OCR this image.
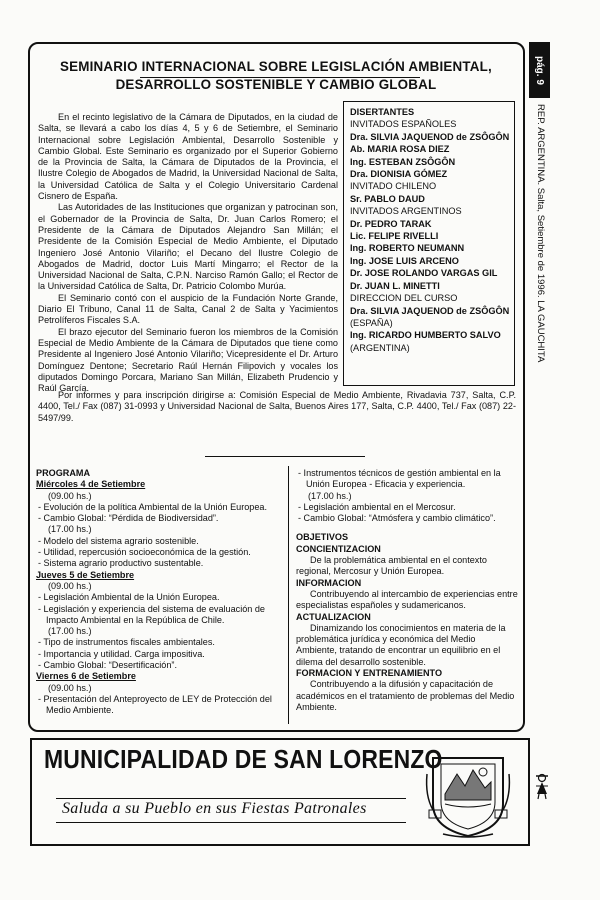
pág. 9
REP. ARGENTINA. Salta, Setiembre de 1996. LA GAUCHITA
SEMINARIO INTERNACIONAL SOBRE LEGISLACIÓN AMBIENTAL,
DESARROLLO SOSTENIBLE Y CAMBIO GLOBAL

En el recinto legislativo de la Cámara de Diputados, en la ciudad de Salta, se llevará a cabo los días 4, 5 y 6 de Setiembre, el Seminario Internacional sobre Legislación Ambiental, Desarrollo Sostenible y Cambio Global. Este Seminario es organizado por el Superior Gobierno de la Provincia de Salta, la Cámara de Diputados de la Provincia, el Ilustre Colegio de Abogados de Madrid, la Universidad Nacional de Salta, la Universidad Católica de Salta y el Colegio Universitario Cardenal Cisnero de España.

Las Autoridades de las Instituciones que organizan y patrocinan son, el Gobernador de la Provincia de Salta, Dr. Juan Carlos Romero; el Presidente de la Cámara de Diputados Alejandro San Millán; el Presidente de la Comisión Especial de Medio Ambiente, el Diputado Ingeniero José Antonio Vilariño; el Decano del Ilustre Colegio de Abogados de Madrid, doctor Luis Martí Mingarro; el Rector de la Universidad Nacional de Salta, C.P.N. Narciso Ramón Gallo; el Rector de la Universidad Católica de Salta, Dr. Patricio Colombo Murúa.

El Seminario contó con el auspicio de la Fundación Norte Grande, Diario El Tribuno, Canal 11 de Salta, Canal 2 de Salta y Yacimientos Petrolíferos Fiscales S.A.

El brazo ejecutor del Seminario fueron los miembros de la Comisión Especial de Medio Ambiente de la Cámara de Diputados que tiene como Presidente al Ingeniero José Antonio Vilariño; Vicepresidente el Dr. Arturo Domínguez Dentone; Secretario Raúl Hernán Filipovich y vocales los diputados Domingo Porcara, Mariano San Millán, Elizabeth Prudencio y Raúl García.

DISERTANTES
INVITADOS ESPAÑOLES
Dra. SILVIA JAQUENOD de ZSÔGÔN
Ab. MARIA ROSA DIEZ
Ing. ESTEBAN ZSÔGÔN
Dra. DIONISIA GÓMEZ
INVITADO CHILENO
Sr. PABLO DAUD
INVITADOS ARGENTINOS
Dr. PEDRO TARAK
Lic. FELIPE RIVELLI
Ing. ROBERTO NEUMANN
Ing. JOSE LUIS ARCENO
Dr. JOSE ROLANDO VARGAS GIL
Dr. JUAN L. MINETTI
DIRECCION DEL CURSO
Dra. SILVIA JAQUENOD de ZSÔGÔN
(ESPAÑA)
Ing. RICARDO HUMBERTO SALVO
(ARGENTINA)
Por informes y para inscripción dirigirse a: Comisión Especial de Medio Ambiente, Rivadavia 737, Salta, C.P. 4400, Tel./ Fax (087) 31-0993 y Universidad Nacional de Salta, Buenos Aires 177, Salta, C.P. 4400, Tel./ Fax (087) 22-5497/99.
PROGRAMA
Miércoles 4 de Setiembre
(09.00 hs.)
- Evolución de la política Ambiental de la Unión Europea.
- Cambio Global: “Pérdida de Biodiversidad”.
(17.00 hs.)
- Modelo del sistema agrario sostenible.
- Utilidad, repercusión socioeconómica de la gestión.
- Sistema agrario productivo sustentable.
Jueves 5 de Setiembre
(09.00 hs.)
- Legislación Ambiental de la Unión Europea.
- Legislación y experiencia del sistema de evaluación de Impacto Ambiental en la República de Chile.
(17.00 hs.)
- Tipo de instrumentos fiscales ambientales.
- Importancia y utilidad. Carga impositiva.
- Cambio Global: “Desertificación”.
Viernes 6 de Setiembre
(09.00 hs.)
- Presentación del Anteproyecto de LEY de Protección del Medio Ambiente.
- Instrumentos técnicos de gestión ambiental en la Unión Europea - Eficacia y experiencia.
(17.00 hs.)
- Legislación ambiental en el Mercosur.
- Cambio Global: “Atmósfera y cambio climático”.
OBJETIVOS
CONCIENTIZACION
De la problemática ambiental en el contexto regional, Mercosur y Unión Europea.
INFORMACION
Contribuyendo al intercambio de experiencias entre especialistas españoles y sudamericanos.
ACTUALIZACION
Dinamizando los conocimientos en materia de la problemática jurídica y económica del Medio Ambiente, tratando de encontrar un equilibrio en el dilema del desarrollo sostenible.
FORMACION Y ENTRENAMIENTO
Contribuyendo a la difusión y capacitación de académicos en el tratamiento de problemas del Medio Ambiente.
MUNICIPALIDAD DE SAN LORENZO
Saluda a su Pueblo en sus Fiestas Patronales
